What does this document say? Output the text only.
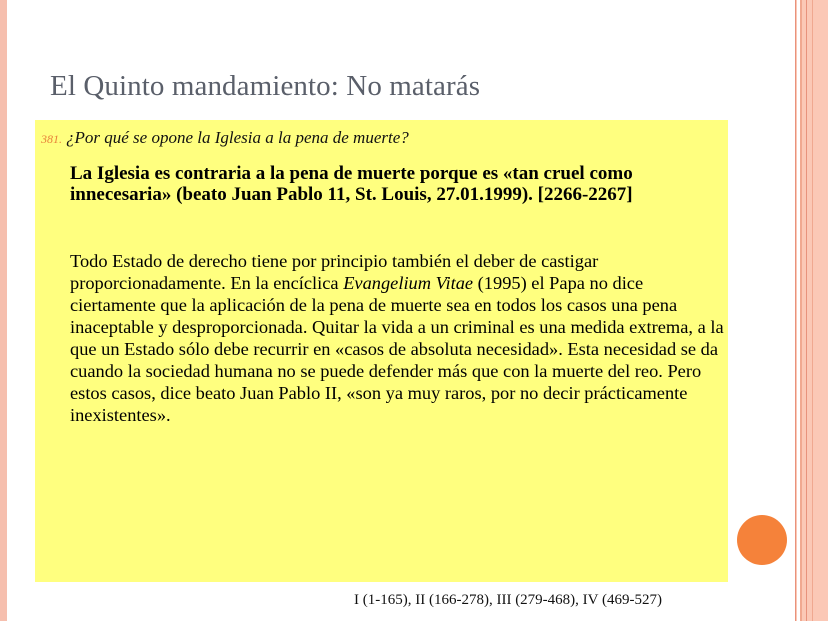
El Quinto mandamiento: No matarás
381. ¿Por qué se opone la Iglesia a la pena de muerte?
La Iglesia es contraria a la pena de muerte porque es «tan cruel como innecesaria» (beato Juan Pablo 11, St. Louis, 27.01.1999). [2266-2267]
Todo Estado de derecho tiene por principio también el deber de castigar proporcionadamente. En la encíclica Evangelium Vitae (1995) el Papa no dice ciertamente que la aplicación de la pena de muerte sea en todos los casos una pena inaceptable y desproporcionada. Quitar la vida a un criminal es una medida extrema, a la que un Estado sólo debe recurrir en «casos de absoluta necesidad». Esta necesidad se da cuando la sociedad humana no se puede defender más que con la muerte del reo. Pero estos casos, dice beato Juan Pablo II, «son ya muy raros, por no decir prácticamente inexistentes».
I (1-165), II (166-278), III (279-468), IV (469-527)
